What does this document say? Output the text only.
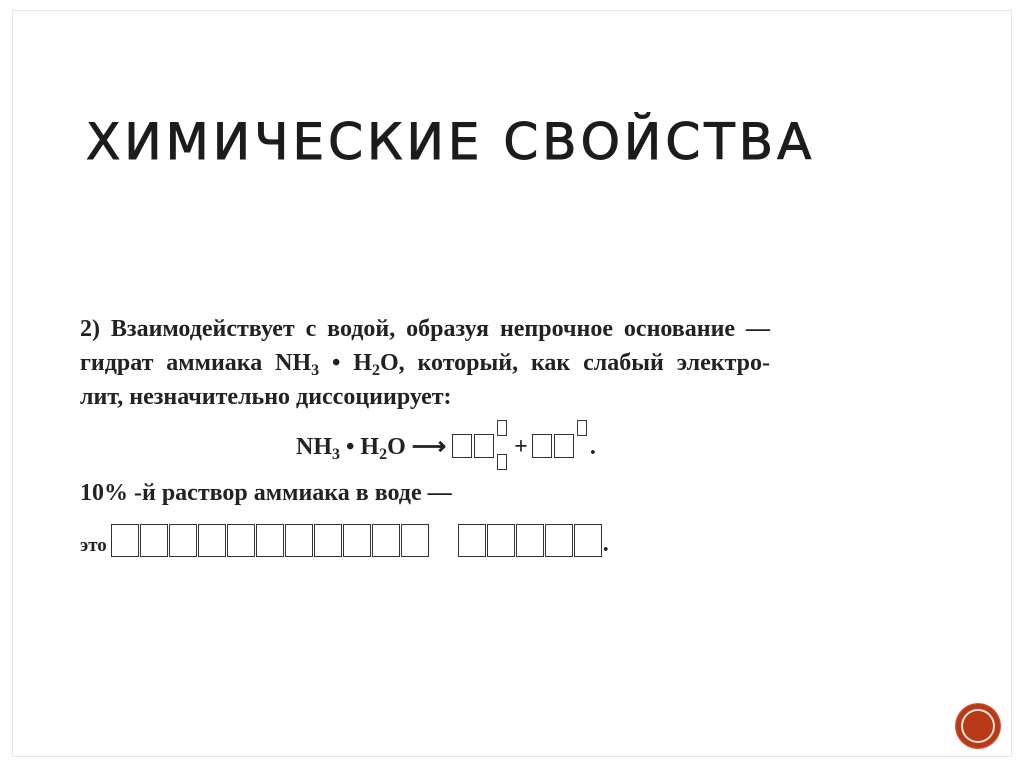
ХИМИЧЕСКИЕ СВОЙСТВА
2) Взаимодействует с водой, образуя непрочное основание —
гидрат аммиака $NH_3$ • $H_2O$, который, как слабый электро-
лит, незначительно диссоциирует:
$NH_3$ • $H_2O$ ⟶	+	.
10% -й раствор аммиака в воде —
это	.
